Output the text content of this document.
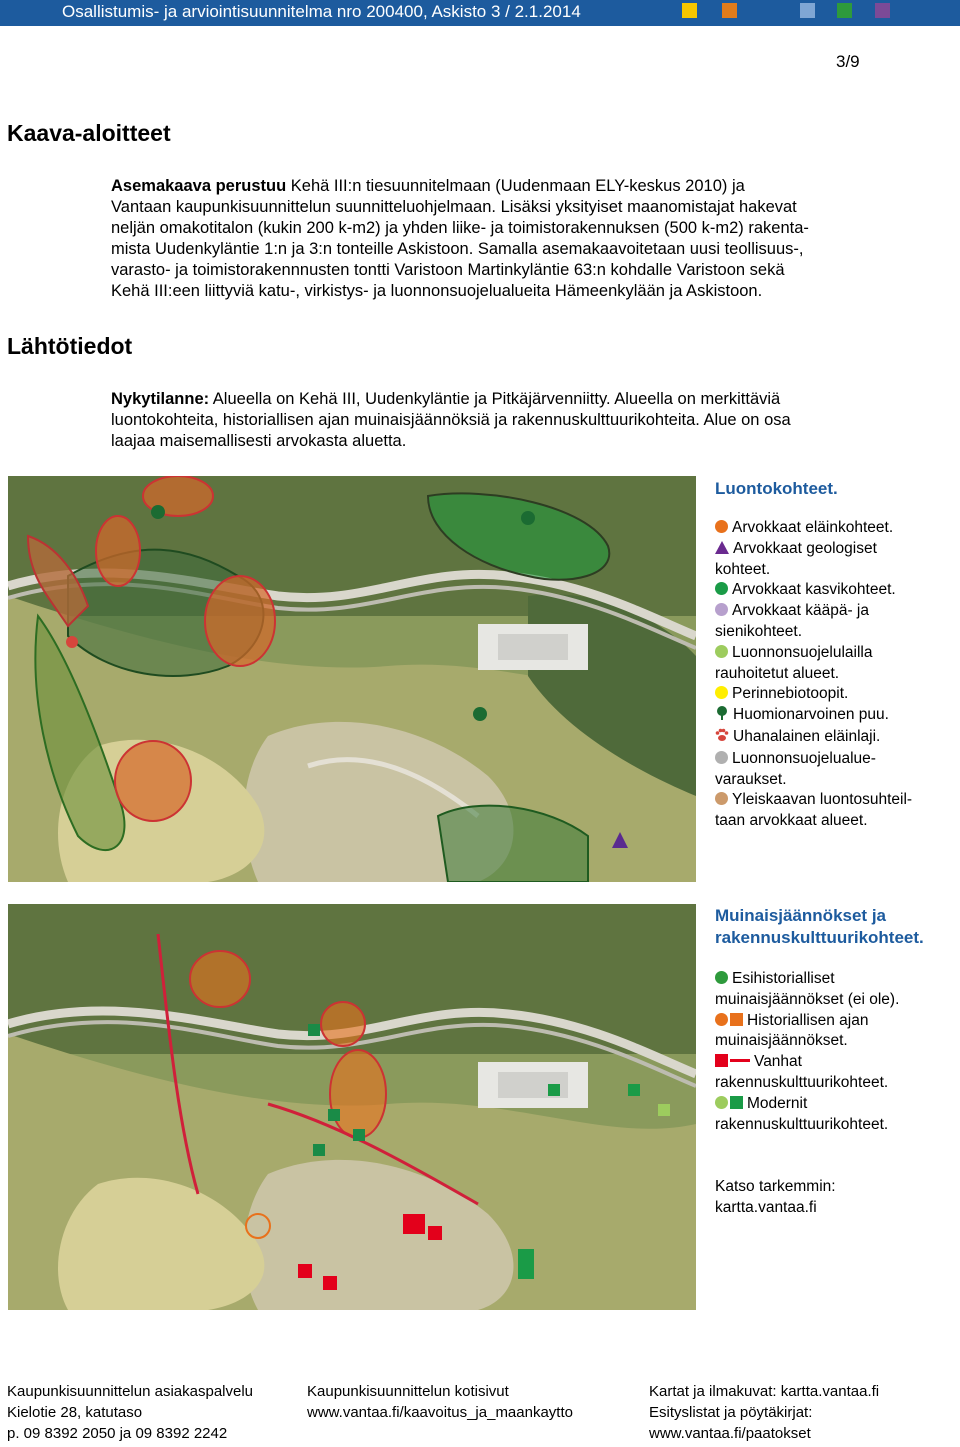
Osallistumis- ja arviointisuunnitelma nro 200400, Askisto 3 / 2.1.2014
3/9
Kaava-aloitteet
Asemakaava perustuu Kehä III:n tiesuunnitelmaan (Uudenmaan ELY-keskus 2010) ja
Vantaan kaupunkisuunnittelun suunnitteluohjelmaan. Lisäksi yksityiset maanomistajat hakevat
neljän omakotitalon (kukin 200 k-m2) ja yhden liike- ja toimistorakennuksen (500 k-m2) rakenta-
mista Uudenkyläntie 1:n ja 3:n tonteille Askistoon. Samalla asemakaavoitetaan uusi teollisuus-,
varasto- ja toimistorakennnusten tontti Varistoon Martinkyläntie 63:n kohdalle Varistoon sekä
Kehä III:een liittyviä katu-, virkistys- ja luonnonsuojelualueita Hämeenkylään ja Askistoon.
Lähtötiedot
Nykytilanne: Alueella on Kehä III, Uudenkyläntie ja Pitkäjärvenniitty. Alueella on merkittäviä
luontokohteita, historiallisen ajan muinaisjäännöksiä ja rakennuskulttuurikohteita. Alue on osa
laajaa maisemallisesti arvokasta aluetta.
Luontokohteet.
Arvokkaat eläinkohteet.
Arvokkaat geologiset
kohteet.
Arvokkaat kasvikohteet.
Arvokkaat kääpä- ja
sienikohteet.
Luonnonsuojelulailla
rauhoitetut alueet.
Perinnebiotoopit.
Huomionarvoinen puu.
Uhanalainen eläinlaji.
Luonnonsuojelualue-
varaukset.
Yleiskaavan luontosuhteil-
taan arvokkaat alueet.
Muinaisjäännökset ja
rakennuskulttuurikohteet.
Esihistorialliset
muinaisjäännökset (ei ole).
Historiallisen ajan
muinaisjäännökset.
Vanhat
rakennuskulttuurikohteet.
Modernit
rakennuskulttuurikohteet.
Katso tarkemmin:
kartta.vantaa.fi
Kaupunkisuunnittelun asiakaspalvelu
Kielotie 28, katutaso
p. 09 8392 2050 ja 09 8392 2242
Kaupunkisuunnittelun kotisivut
www.vantaa.fi/kaavoitus_ja_maankaytto
Kartat ja ilmakuvat: kartta.vantaa.fi
Esityslistat ja pöytäkirjat:
www.vantaa.fi/paatokset
